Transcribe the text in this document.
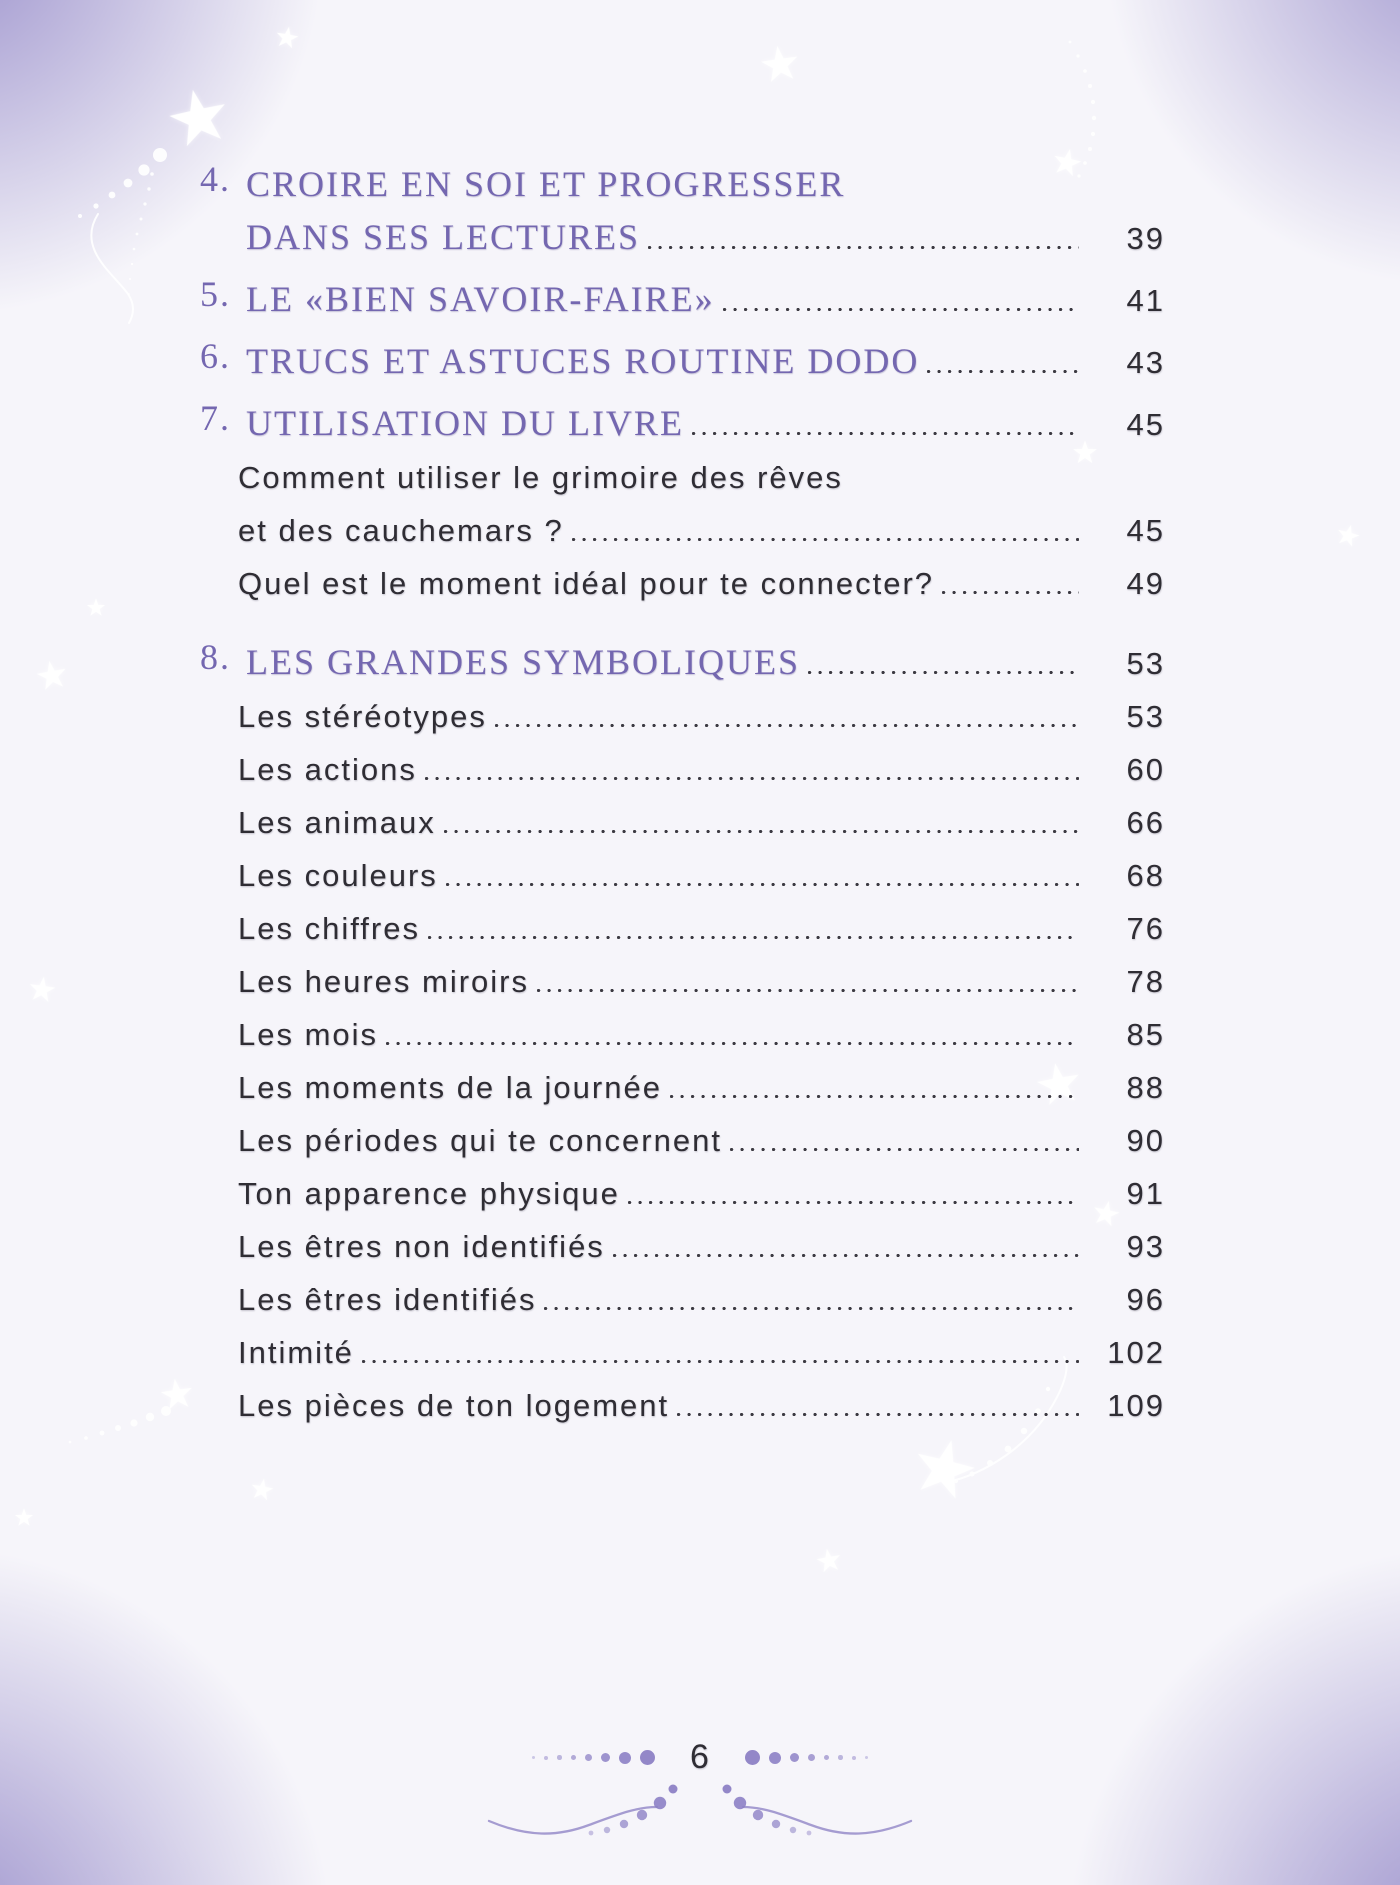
4. CROIRE EN SOI ET PROGRESSER
DANS SES LECTURES	39
5. LE «BIEN SAVOIR-FAIRE»	41
6. TRUCS ET ASTUCES ROUTINE DODO	43
7. UTILISATION DU LIVRE	45
Comment utiliser le grimoire des rêves
et des cauchemars ?	45
Quel est le moment idéal pour te connecter?	49
8. LES GRANDES SYMBOLIQUES	53
Les stéréotypes	53
Les actions	60
Les animaux	66
Les couleurs	68
Les chiffres	76
Les heures miroirs	78
Les mois	85
Les moments de la journée	88
Les périodes qui te concernent	90
Ton apparence physique	91
Les êtres non identifiés	93
Les êtres identifiés	96
Intimité	102
Les pièces de ton logement	109
6
